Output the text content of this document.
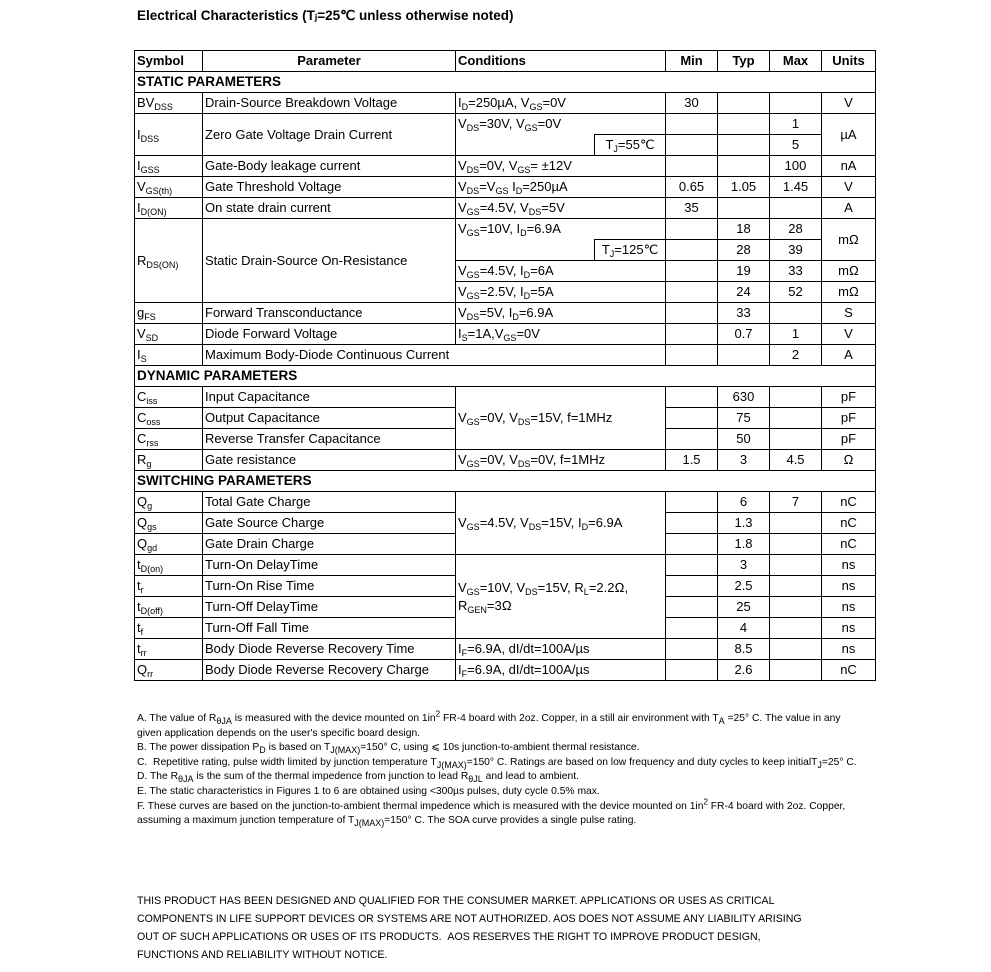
Electrical Characteristics (Tⱼ=25℃ unless otherwise noted)
Symbol	Parameter	Conditions		Min	Typ	Max	Units
STATIC PARAMETERS							
$BV_{DSS}$	Drain-Source Breakdown Voltage	$I_D=250\mu A$, $V_{GS}=0V$		30			V
$I_{DSS}$	Zero Gate Voltage Drain Current	$V_{DS}=30V$, $V_{GS}=0V$				1	µA
			$T_J=55℃$			5	
$I_{GSS}$	Gate-Body leakage current	$V_{DS}=0V$, $V_{GS}= \pm 12V$				100	nA
$V_{GS(th)}$	Gate Threshold Voltage	$V_{DS}=V_{GS}$ $I_D=250\mu A$		0.65	1.05	1.45	V
$I_{D(ON)}$	On state drain current	$V_{GS}=4.5V$, $V_{DS}=5V$		35			A
$R_{DS(ON)}$	Static Drain-Source On-Resistance	$V_{GS}=10V$, $I_D=6.9A$			18	28	mΩ
			$T_J=125℃$		28	39	
		$V_{GS}=4.5V$, $I_D=6A$			19	33	mΩ
		$V_{GS}=2.5V$, $I_D=5A$			24	52	mΩ
$g_{FS}$	Forward Transconductance	$V_{DS}=5V$, $I_D=6.9A$			33		S
$V_{SD}$	Diode Forward Voltage	$I_S=1A,V_{GS}=0V$			0.7	1	V
$I_S$	Maximum Body-Diode Continuous Current					2	A
DYNAMIC PARAMETERS							
$C_{iss}$	Input Capacitance	$V_{GS}=0V$, $V_{DS}=15V$, f=1MHz			630		pF
$C_{oss}$	Output Capacitance				75		pF
$C_{rss}$	Reverse Transfer Capacitance				50		pF
$R_g$	Gate resistance	$V_{GS}=0V$, $V_{DS}=0V$, f=1MHz		1.5	3	4.5	Ω
SWITCHING PARAMETERS							
$Q_g$	Total Gate Charge	$V_{GS}=4.5V$, $V_{DS}=15V$, $I_D=6.9A$			6	7	nC
$Q_{gs}$	Gate Source Charge				1.3		nC
$Q_{gd}$	Gate Drain Charge				1.8		nC
$t_{D(on)}$	Turn-On DelayTime	$V_{GS}=10V$, $V_{DS}=15V$, $R_L=2.2Ω$,
$R_{GEN}=3Ω$			3		ns
$t_r$	Turn-On Rise Time				2.5		ns
$t_{D(off)}$	Turn-Off DelayTime				25		ns
$t_f$	Turn-Off Fall Time				4		ns
$t_{rr}$	Body Diode Reverse Recovery Time	$I_F=6.9A$, dI/dt=100A/µs			8.5		ns
$Q_{rr}$	Body Diode Reverse Recovery Charge	$I_F=6.9A$, dI/dt=100A/µs			2.6		nC
A. The value of $R_{\theta JA}$ is measured with the device mounted on $1in^2$ FR-4 board with 2oz. Copper, in a still air environment with $T_A =25^\circ$ C. The value in any given application depends on the user's specific board design.
B. The power dissipation $P_D$ is based on $T_{J(MAX)}=150^\circ$ C, using ⩽ 10s junction-to-ambient thermal resistance.
C.  Repetitive rating, pulse width limited by junction temperature $T_{J(MAX)}=150^\circ$ C. Ratings are based on low frequency and duty cycles to keep initialT$_J$=25° C.
D. The $R_{\theta JA}$ is the sum of the thermal impedence from junction to lead $R_{\theta JL}$ and lead to ambient.
E. The static characteristics in Figures 1 to 6 are obtained using <300µs pulses, duty cycle 0.5% max.
F. These curves are based on the junction-to-ambient thermal impedence which is measured with the device mounted on $1in^2$ FR-4 board with 2oz. Copper, assuming a maximum junction temperature of $T_{J(MAX)}=150^\circ$ C. The SOA curve provides a single pulse rating.
THIS PRODUCT HAS BEEN DESIGNED AND QUALIFIED FOR THE CONSUMER MARKET. APPLICATIONS OR USES AS CRITICAL
COMPONENTS IN LIFE SUPPORT DEVICES OR SYSTEMS ARE NOT AUTHORIZED. AOS DOES NOT ASSUME ANY LIABILITY ARISING
OUT OF SUCH APPLICATIONS OR USES OF ITS PRODUCTS.  AOS RESERVES THE RIGHT TO IMPROVE PRODUCT DESIGN,
FUNCTIONS AND RELIABILITY WITHOUT NOTICE.
